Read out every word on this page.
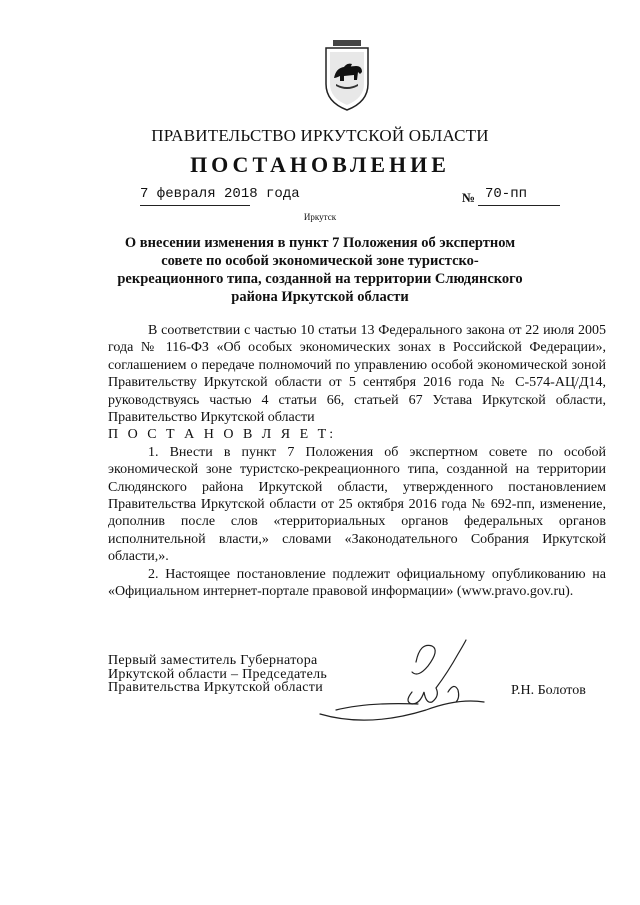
ПРАВИТЕЛЬСТВО ИРКУТСКОЙ ОБЛАСТИ
ПОСТАНОВЛЕНИЕ
7 февраля 2018 года	№ 70-пп
Иркутск
О внесении изменения в пункт 7 Положения об экспертном совете по особой экономической зоне туристско-рекреационного типа, созданной на территории Слюдянского района Иркутской области

В соответствии с частью 10 статьи 13 Федерального закона от 22 июля 2005 года № 116-ФЗ «Об особых экономических зонах в Российской Федерации», соглашением о передаче полномочий по управлению особой экономической зоной Правительству Иркутской области от 5 сентября 2016 года № С-574-АЦ/Д14, руководствуясь частью 4 статьи 66, статьей 67 Устава Иркутской области, Правительство Иркутской области

П О С Т А Н О В Л Я Е Т:

1. Внести в пункт 7 Положения об экспертном совете по особой экономической зоне туристско-рекреационного типа, созданной на территории Слюдянского района Иркутской области, утвержденного постановлением Правительства Иркутской области от 25 октября 2016 года № 692-пп, изменение, дополнив после слов «территориальных органов федеральных органов исполнительной власти,» словами «Законодательного Собрания Иркутской области,».

2. Настоящее постановление подлежит официальному опубликованию на «Официальном интернет-портале правовой информации» (www.pravo.gov.ru).

Первый заместитель Губернатора
Иркутской области – Председатель
Правительства Иркутской области	Р.Н. Болотов
